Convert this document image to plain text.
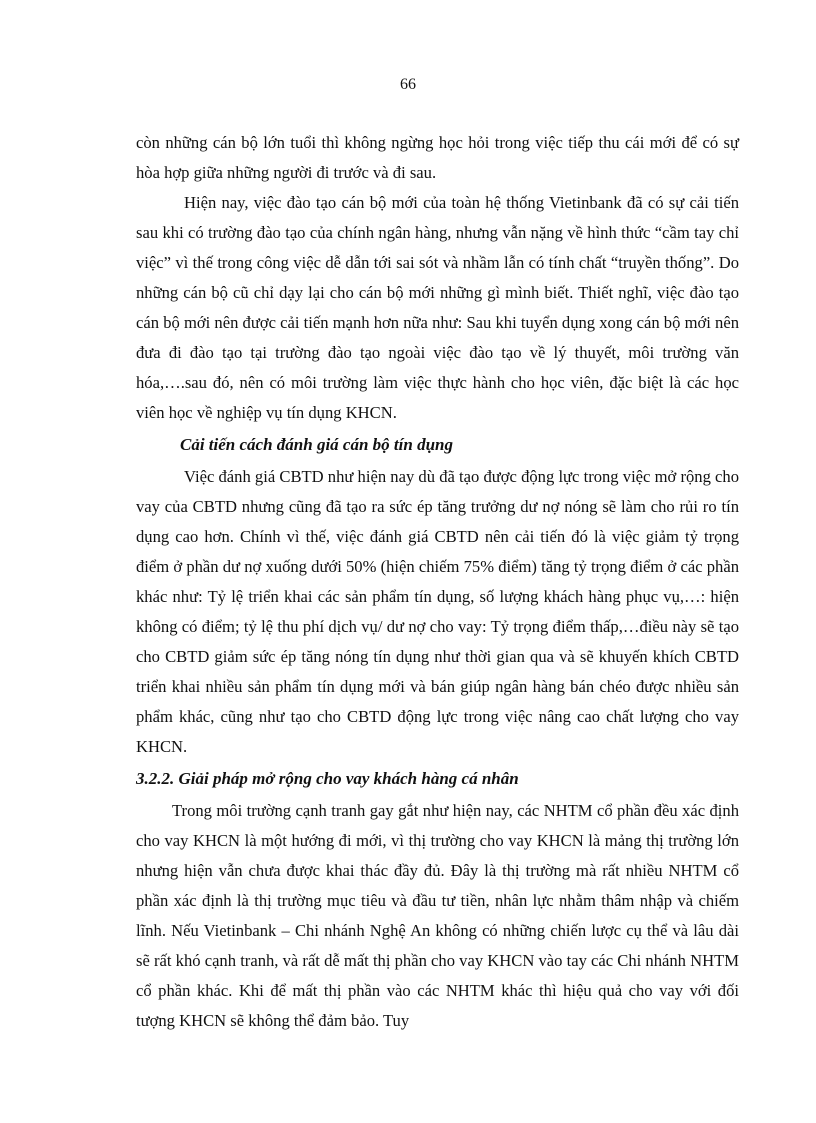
66

còn những cán bộ lớn tuổi thì không ngừng học hỏi trong việc tiếp thu cái mới để có sự hòa hợp giữa những người đi trước và đi sau.

Hiện nay, việc đào tạo cán bộ mới của toàn hệ thống Vietinbank đã có sự cải tiến sau khi có trường đào tạo của chính ngân hàng, nhưng vẫn nặng về hình thức “cầm tay chỉ việc” vì thế trong công việc dễ dẫn tới sai sót và nhầm lẫn có tính chất “truyền thống”. Do những cán bộ cũ chỉ dạy lại cho cán bộ mới những gì mình biết. Thiết nghĩ, việc đào tạo cán bộ mới nên được cải tiến mạnh hơn nữa như: Sau khi tuyển dụng xong cán bộ mới nên đưa đi đào tạo tại trường đào tạo ngoài việc đào tạo về lý thuyết, môi trường văn hóa,….sau đó, nên có môi trường làm việc thực hành cho học viên, đặc biệt là các học viên học về nghiệp vụ tín dụng KHCN.

Cải tiến cách đánh giá cán bộ tín dụng

Việc đánh giá CBTD như hiện nay dù đã tạo được động lực trong việc mở rộng cho vay của CBTD nhưng cũng đã tạo ra sức ép tăng trưởng dư nợ nóng sẽ làm cho rủi ro tín dụng cao hơn. Chính vì thế, việc đánh giá CBTD nên cải tiến đó là việc giảm tỷ trọng điểm ở phần dư nợ xuống dưới 50% (hiện chiếm 75% điểm) tăng tỷ trọng điểm ở các phần khác như: Tỷ lệ triển khai các sản phẩm tín dụng, số lượng khách hàng phục vụ,…: hiện không có điểm; tỷ lệ thu phí dịch vụ/ dư nợ cho vay: Tỷ trọng điểm thấp,…điều này sẽ tạo cho CBTD giảm sức ép tăng nóng tín dụng như thời gian qua và sẽ khuyến khích CBTD triển khai nhiều sản phẩm tín dụng mới và bán giúp ngân hàng bán chéo được nhiều sản phẩm khác, cũng như tạo cho CBTD động lực trong việc nâng cao chất lượng cho vay KHCN.

3.2.2. Giải pháp mở rộng cho vay khách hàng cá nhân

Trong môi trường cạnh tranh gay gắt như hiện nay, các NHTM cổ phần đều xác định cho vay KHCN là một hướng đi mới, vì thị trường cho vay KHCN là mảng thị trường lớn nhưng hiện vẫn chưa được khai thác đầy đủ. Đây là thị trường mà rất nhiều NHTM cổ phần xác định là thị trường mục tiêu và đầu tư tiền, nhân lực nhằm thâm nhập và chiếm lĩnh. Nếu Vietinbank – Chi nhánh Nghệ An không có những chiến lược cụ thể và lâu dài sẽ rất khó cạnh tranh, và rất dễ mất thị phần cho vay KHCN vào tay các Chi nhánh NHTM cổ phần khác. Khi để mất thị phần vào các NHTM khác thì hiệu quả cho vay với đối tượng KHCN sẽ không thể đảm bảo. Tuy
